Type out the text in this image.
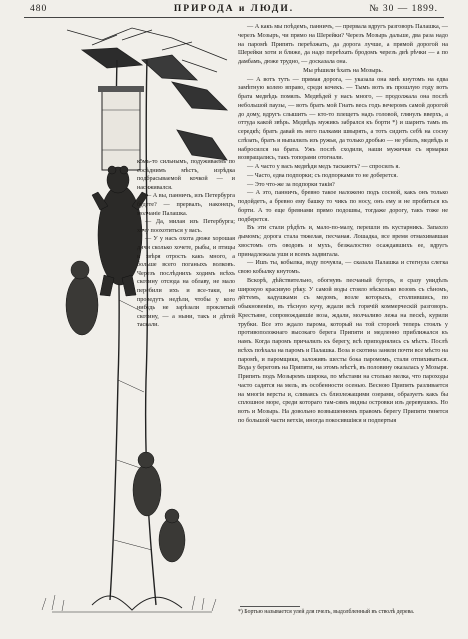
480	ПРИРОДА и ЛЮДИ.	№ 30 — 1899.

комъ-то сильнымъ, подуживаемъ по сосѣднимъ мѣстъ, изрѣдка подбрасываемой кочкой — и насиживался.

— А вы, панничъ, изъ Петербурга будете? — прервалъ, наконецъ, молчаніе Палашка.

— Да, милая изъ Петербурга; хочу поохотиться у васъ.

— У у насъ охота дюже хорошая дичи сколько хочете, рыбы, и птицы и звѣря отрость какъ много, а больше всего поганыхъ волковъ. Черезъ послѣднихъ ходимъ всѣхъ скотину отсюда на облаву, не мало перебили ихъ и все-таки, не проведутъ недѣли, чтобы у кого нибудь не зарѣзали проклятый скотину, — а ныни, такъ и дѣтей таскали.

— А какъ мы поѣдемъ, панничъ, — прервала вдругъ разговоръ Палашка, — черезъ Мозыръ, чи прямо на Шерейки? Черезъ Мозырь дальше, два раза надо на паромѣ Припять переѣзжать, да дорога лучше, а прямой дорогой на Шерейки хоти и ближе, да надо переѣхать бродомъ черезъ двѣ рѣчки — а по дамбамъ, дюже трудно, — досказала она.

Мы рѣшили ѣхать на Мозырь.

— А вотъ тутъ — прямая дорога, — указала она мнѣ кнутомъ на едва замѣтную колею вправо, среди кочекъ. — Тымъ вотъ въ прошлую году вотъ брата медвѣдь помялъ. Медвѣдей у насъ много, — продолжала она послѣ небольшой паузы, — вотъ братъ мой Гнатъ весь годъ вечеромъ самой дорогой до дому, вдругъ слышитъ — кто-то плещетъ надъ головой, глянулъ вверхъ, а оттуда какой звѣрь. Медвѣдь мужикъ забрался къ борти *) и шаритъ тамъ въ середкѣ; братъ давай въ него палками швырять, а тотъ сидитъ себѣ на сосну слѣзать, братъ и выпалилъ изъ ружья, да только дробью — не убилъ, медвѣдь и набросился на брата. Ужъ послѣ сходили, наши мужички съ ярмарки возвращались, такъ топорами отогнали.

— А часто у васъ медвѣди медъ таскаютъ? — спросилъ я.

— Часто, едва подпорки; съ подпорками то не доберется.

— Это что-же за подпорки такія?

— А это, панничъ, бревно такое наложено подъ сосной, какъ онъ только подойдетъ, а бревно ему башку то чикъ по носу, онъ ему и не пробиться къ борти. А то еще бревнами прямо подошвы, тогдаже дорогу, такъ тоже не подберется.

Въ эти стали рѣдѣть и, мало-по-малу, перешли въ кустарникъ. Запахло дымомъ; дорога стала тяжелая, песчаная. Лошадка, все время отмахивавшая хвостомъ отъ оводовъ и мухъ, безжалостно осаждавшихъ ее, вдругъ принадлежала уши и всемъ задвигала.

— Ишъ ты, кобылка, воду почуяла, — сказала Палашка и стегнула слегка свою кобылку кнутомъ.

Вскорѣ, дѣйствительно, обогнувъ песчаный бугоръ, я сразу увидѣлъ широкую красивую рѣку. У самой воды стояло нѣсколько возовъ съ сѣномъ, дёгтемъ, кадушками съ медомъ, возле которыхъ, столпившись, по обыкновенію, въ тѣсную кучу, ждали всѣ горячій коммерческій разговоръ. Крестьяне, сопровождавшіе воза, ждали, молчаливо лежа на пескѣ, курили трубки. Все это ждало парома, который на той сторонѣ теперь стоялъ у противоположнаго высокаго берега Припяти и медленно приближался къ намъ. Когда паромъ причалилъ къ берегу, всѣ приподнялись съ мѣстъ. Послѣ всѣхъ поѣхала на паромъ и Палашка. Воза и скотина заняли почти все мѣсто на паромѣ, и паромщики, заложивъ шесты бока паромомъ, стали отпихиваться. Вода у береговъ на Припяти, на этомъ мѣстѣ, въ половину оказалась у Мозыря. Припять подъ Мозыремъ широка, по мѣстами на столько мелка, что пароходы часто садятся на мель, въ особенности осенью. Весною Припять разливается на многія версты и, сливаясь съ близлежащими озерами, образуетъ какъ бы сплошное море, среди котораго там-сямъ видны островки изъ деревушекъ. Но вотъ и Мозырь. На довольно возвышенномъ правомъ берегу Припяти тянется по большой части ветхія, иногда покосившіяся и подпертыя

*) Бортью называется улей для пчелъ, выдолбленный въ стволѣ дерева.
